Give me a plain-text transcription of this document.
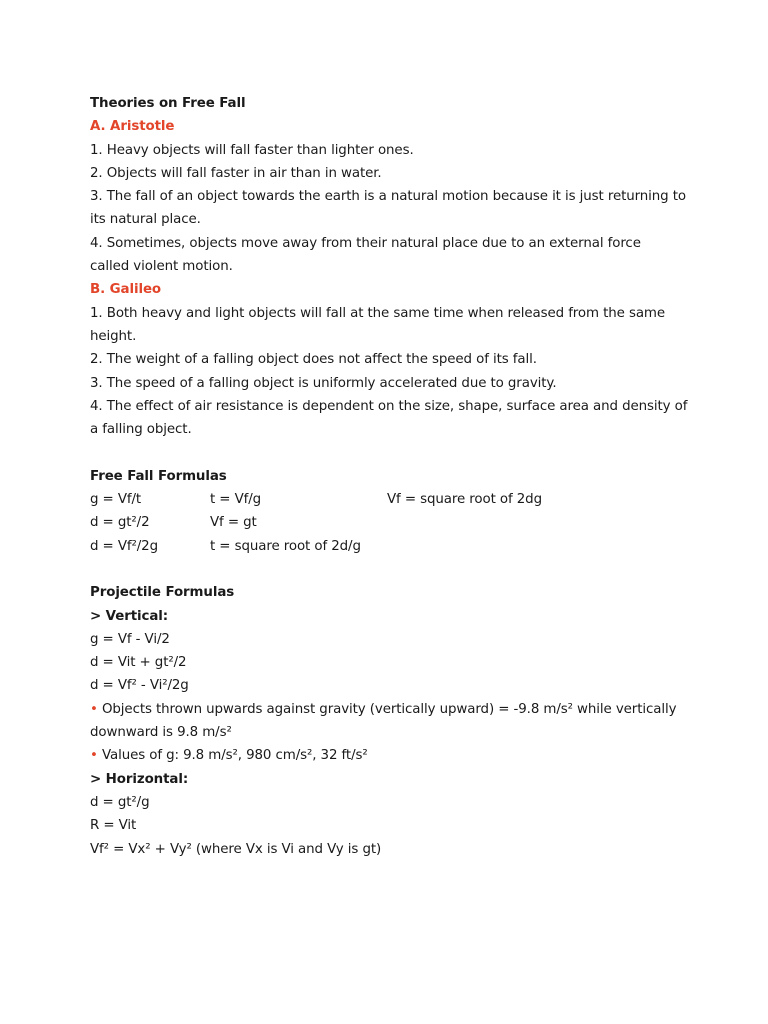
Theories on Free Fall
A. Aristotle
1. Heavy objects will fall faster than lighter ones.
2. Objects will fall faster in air than in water.
3. The fall of an object towards the earth is a natural motion because it is just returning to
its natural place.
4. Sometimes, objects move away from their natural place due to an external force
called violent motion.
B. Galileo
1. Both heavy and light objects will fall at the same time when released from the same
height.
2. The weight of a falling object does not affect the speed of its fall.
3. The speed of a falling object is uniformly accelerated due to gravity.
4. The effect of air resistance is dependent on the size, shape, surface area and density of
a falling object.
Free Fall Formulas
g = Vf/t	t = Vf/g	Vf = square root of 2dg
d = gt²/2	Vf = gt
d = Vf²/2g	t = square root of 2d/g
Projectile Formulas
> Vertical:
g = Vf - Vi/2
d = Vit + gt²/2
d = Vf² - Vi²/2g
• Objects thrown upwards against gravity (vertically upward) = -9.8 m/s² while vertically
downward is 9.8 m/s²
• Values of g: 9.8 m/s², 980 cm/s², 32 ft/s²
> Horizontal:
d = gt²/g
R = Vit
Vf² = Vx² + Vy² (where Vx is Vi and Vy is gt)
